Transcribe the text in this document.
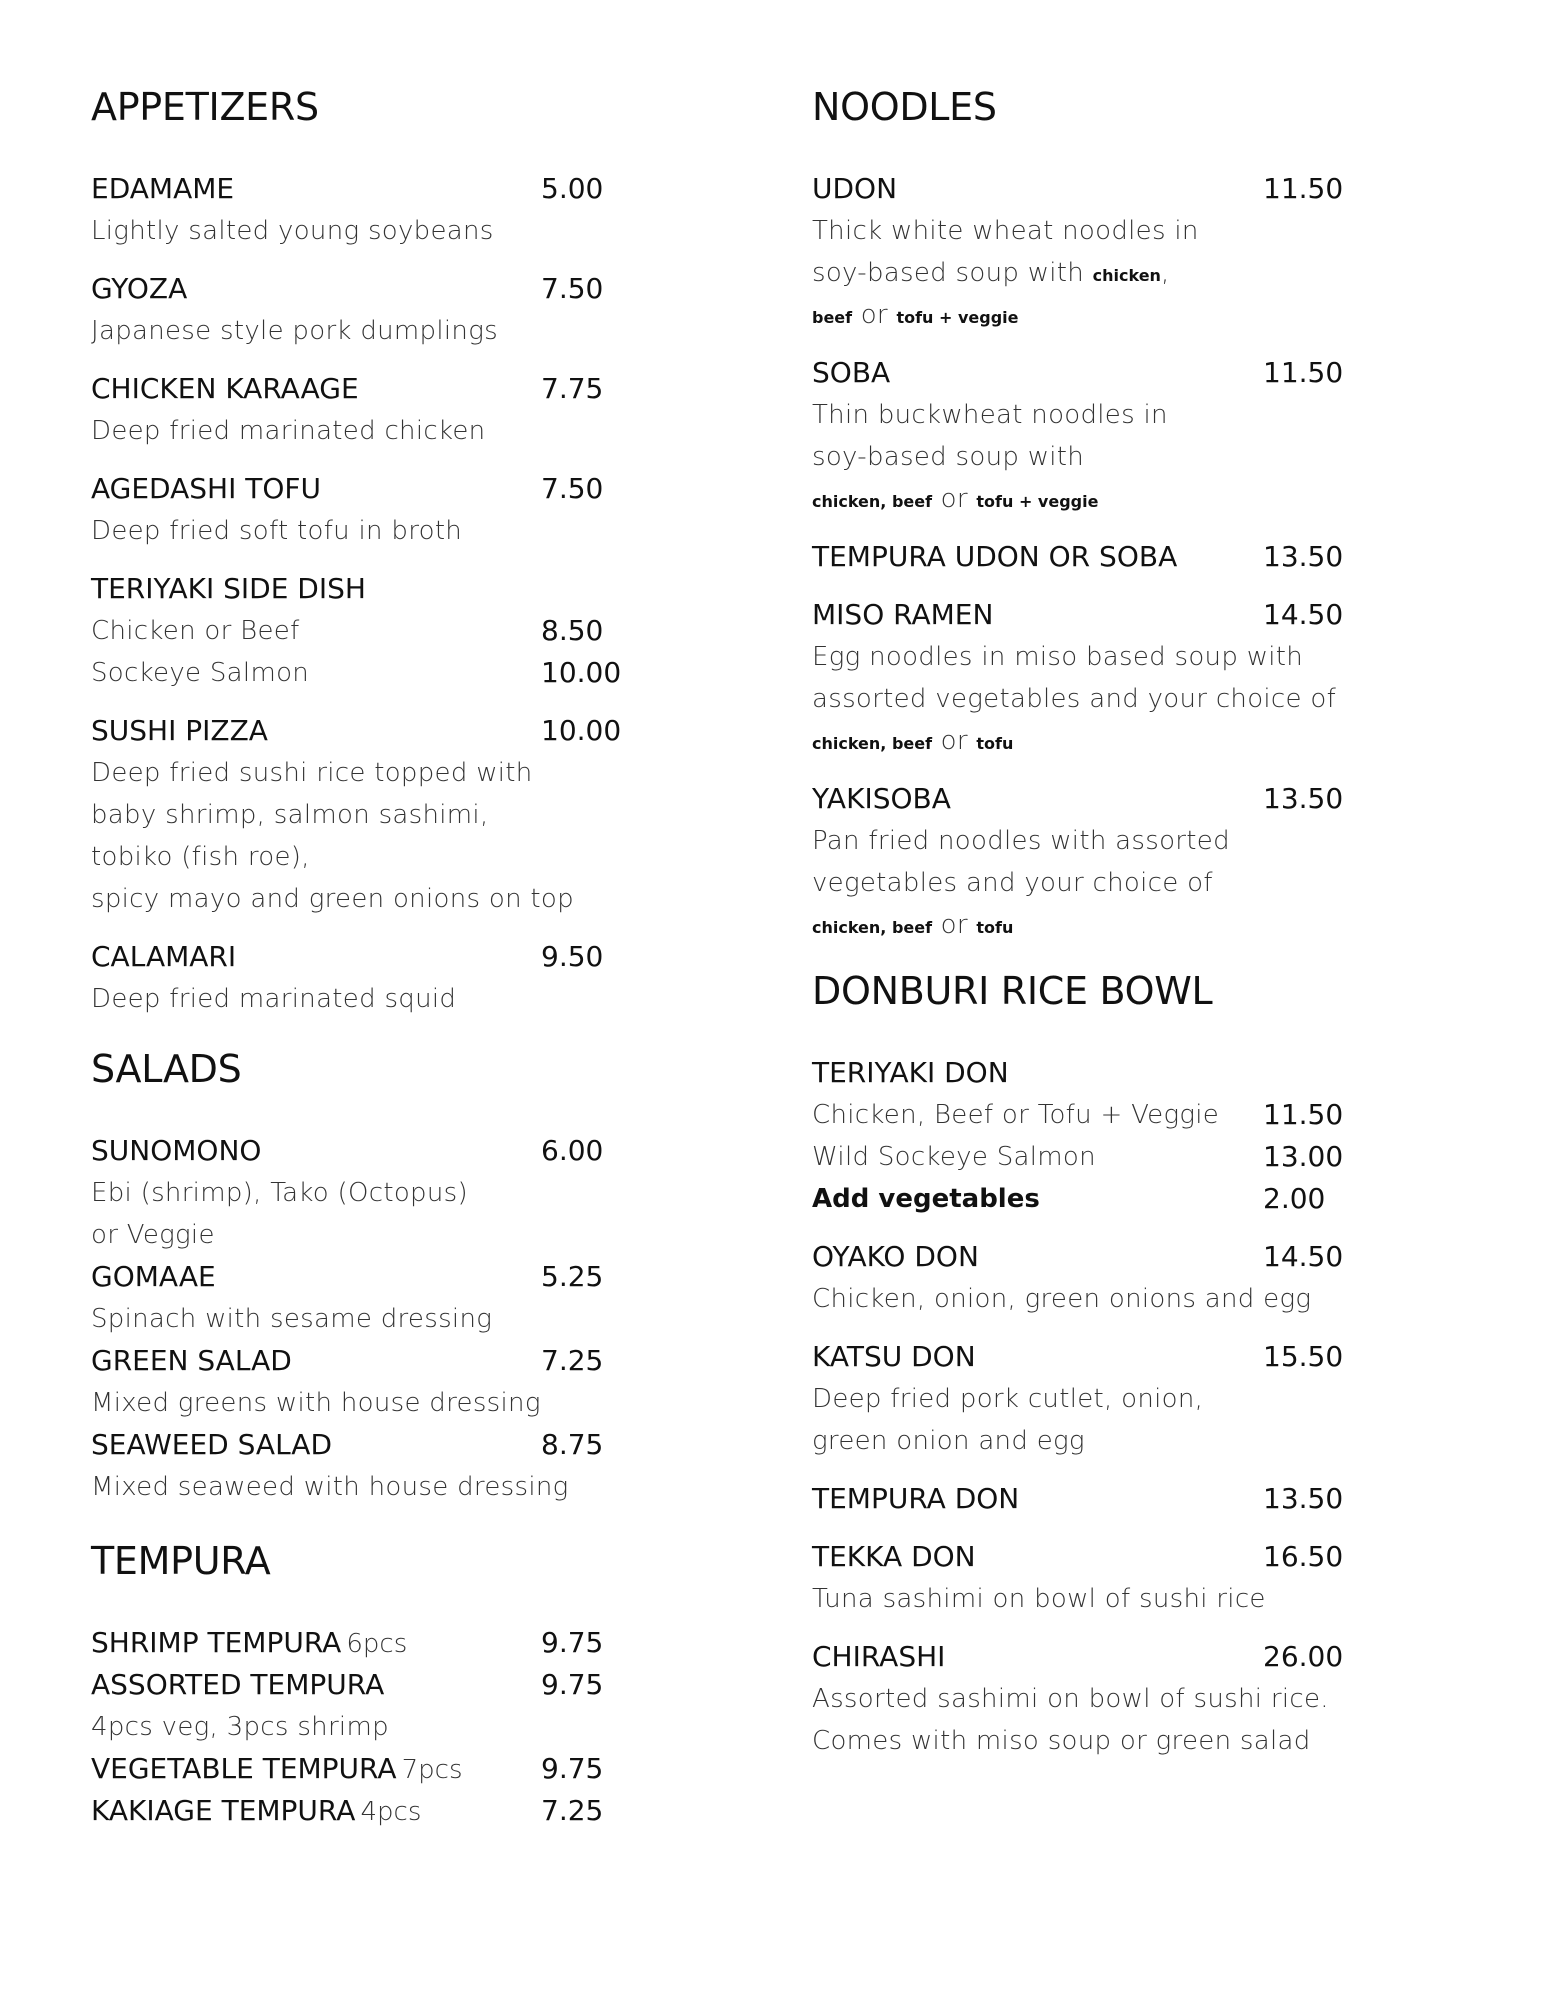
APPETIZERS
EDAMAME	5.00
Lightly salted young soybeans
GYOZA	7.50
Japanese style pork dumplings
CHICKEN KARAAGE	7.75
Deep fried marinated chicken
AGEDASHI TOFU	7.50
Deep fried soft tofu in broth
TERIYAKI SIDE DISH
Chicken or Beef	8.50
Sockeye Salmon	10.00
SUSHI PIZZA	10.00
Deep fried sushi rice topped with
baby shrimp, salmon sashimi,
tobiko (fish roe),
spicy mayo and green onions on top
CALAMARI	9.50
Deep fried marinated squid
SALADS
SUNOMONO	6.00
Ebi (shrimp), Tako (Octopus)
or Veggie
GOMAAE	5.25
Spinach with sesame dressing
GREEN SALAD	7.25
Mixed greens with house dressing
SEAWEED SALAD	8.75
Mixed seaweed with house dressing
TEMPURA
SHRIMP TEMPURA 6pcs	9.75
ASSORTED TEMPURA	9.75
4pcs veg, 3pcs shrimp
VEGETABLE TEMPURA 7pcs	9.75
KAKIAGE TEMPURA 4pcs	7.25
NOODLES
UDON	11.50
Thick white wheat noodles in
soy-based soup with chicken,
beef or tofu + veggie
SOBA	11.50
Thin buckwheat noodles in
soy-based soup with
chicken, beef or tofu + veggie
TEMPURA UDON OR SOBA	13.50
MISO RAMEN	14.50
Egg noodles in miso based soup with
assorted vegetables and your choice of
chicken, beef or tofu
YAKISOBA	13.50
Pan fried noodles with assorted
vegetables and your choice of
chicken, beef or tofu
DONBURI RICE BOWL
TERIYAKI DON
Chicken, Beef or Tofu + Veggie 11.50
Wild Sockeye Salmon	13.00
Add vegetables	2.00
OYAKO DON	14.50
Chicken, onion, green onions and egg
KATSU DON	15.50
Deep fried pork cutlet, onion,
green onion and egg
TEMPURA DON	13.50
TEKKA DON	16.50
Tuna sashimi on bowl of sushi rice
CHIRASHI	26.00
Assorted sashimi on bowl of sushi rice.
Comes with miso soup or green salad
